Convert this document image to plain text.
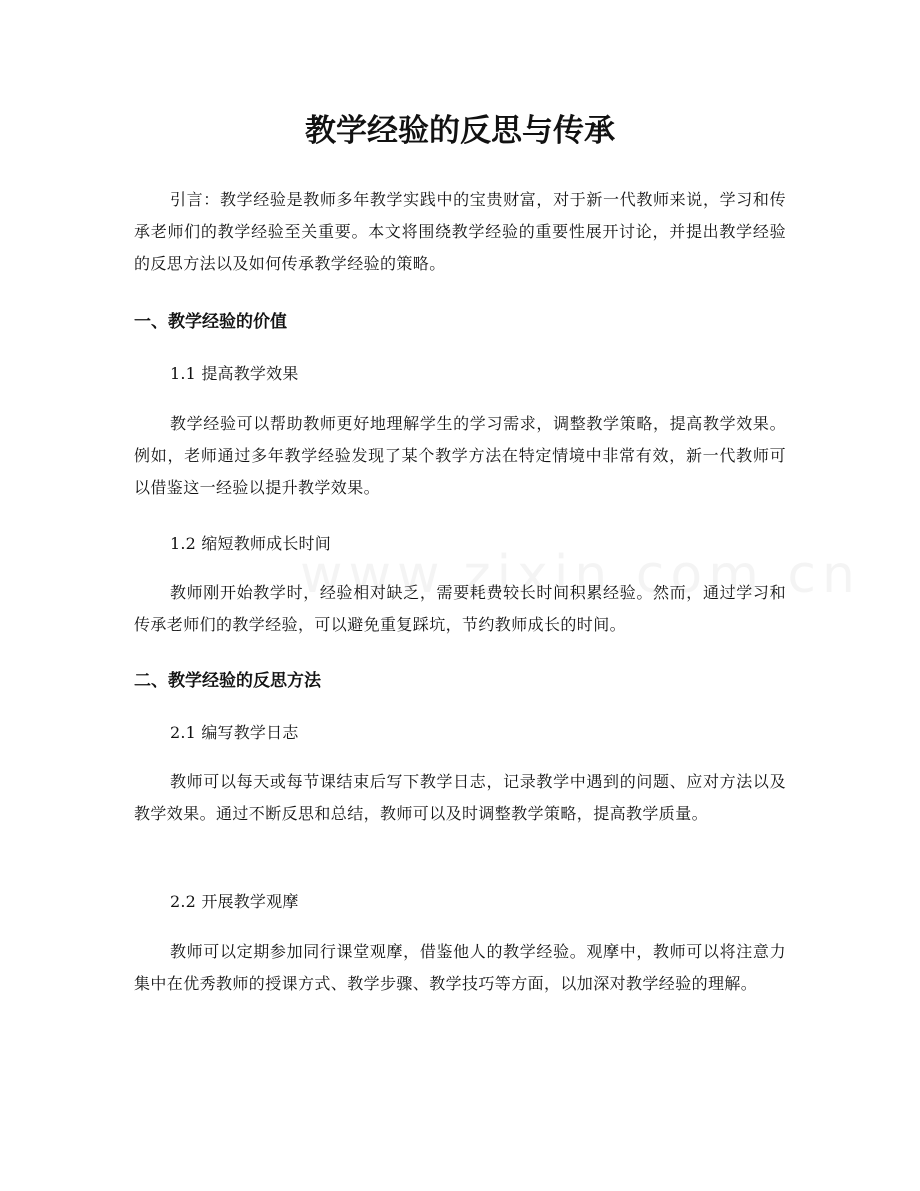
教学经验的反思与传承

引言：教学经验是教师多年教学实践中的宝贵财富，对于新一代教师来说，学习和传承老师们的教学经验至关重要。本文将围绕教学经验的重要性展开讨论，并提出教学经验的反思方法以及如何传承教学经验的策略。

一、教学经验的价值
1.1 提高教学效果

教学经验可以帮助教师更好地理解学生的学习需求，调整教学策略，提高教学效果。例如，老师通过多年教学经验发现了某个教学方法在特定情境中非常有效，新一代教师可以借鉴这一经验以提升教学效果。

1.2 缩短教师成长时间

教师刚开始教学时，经验相对缺乏，需要耗费较长时间积累经验。然而，通过学习和传承老师们的教学经验，可以避免重复踩坑，节约教师成长的时间。

二、教学经验的反思方法
2.1 编写教学日志

教师可以每天或每节课结束后写下教学日志，记录教学中遇到的问题、应对方法以及教学效果。通过不断反思和总结，教师可以及时调整教学策略，提高教学质量。

2.2 开展教学观摩

教师可以定期参加同行课堂观摩，借鉴他人的教学经验。观摩中，教师可以将注意力集中在优秀教师的授课方式、教学步骤、教学技巧等方面，以加深对教学经验的理解。
